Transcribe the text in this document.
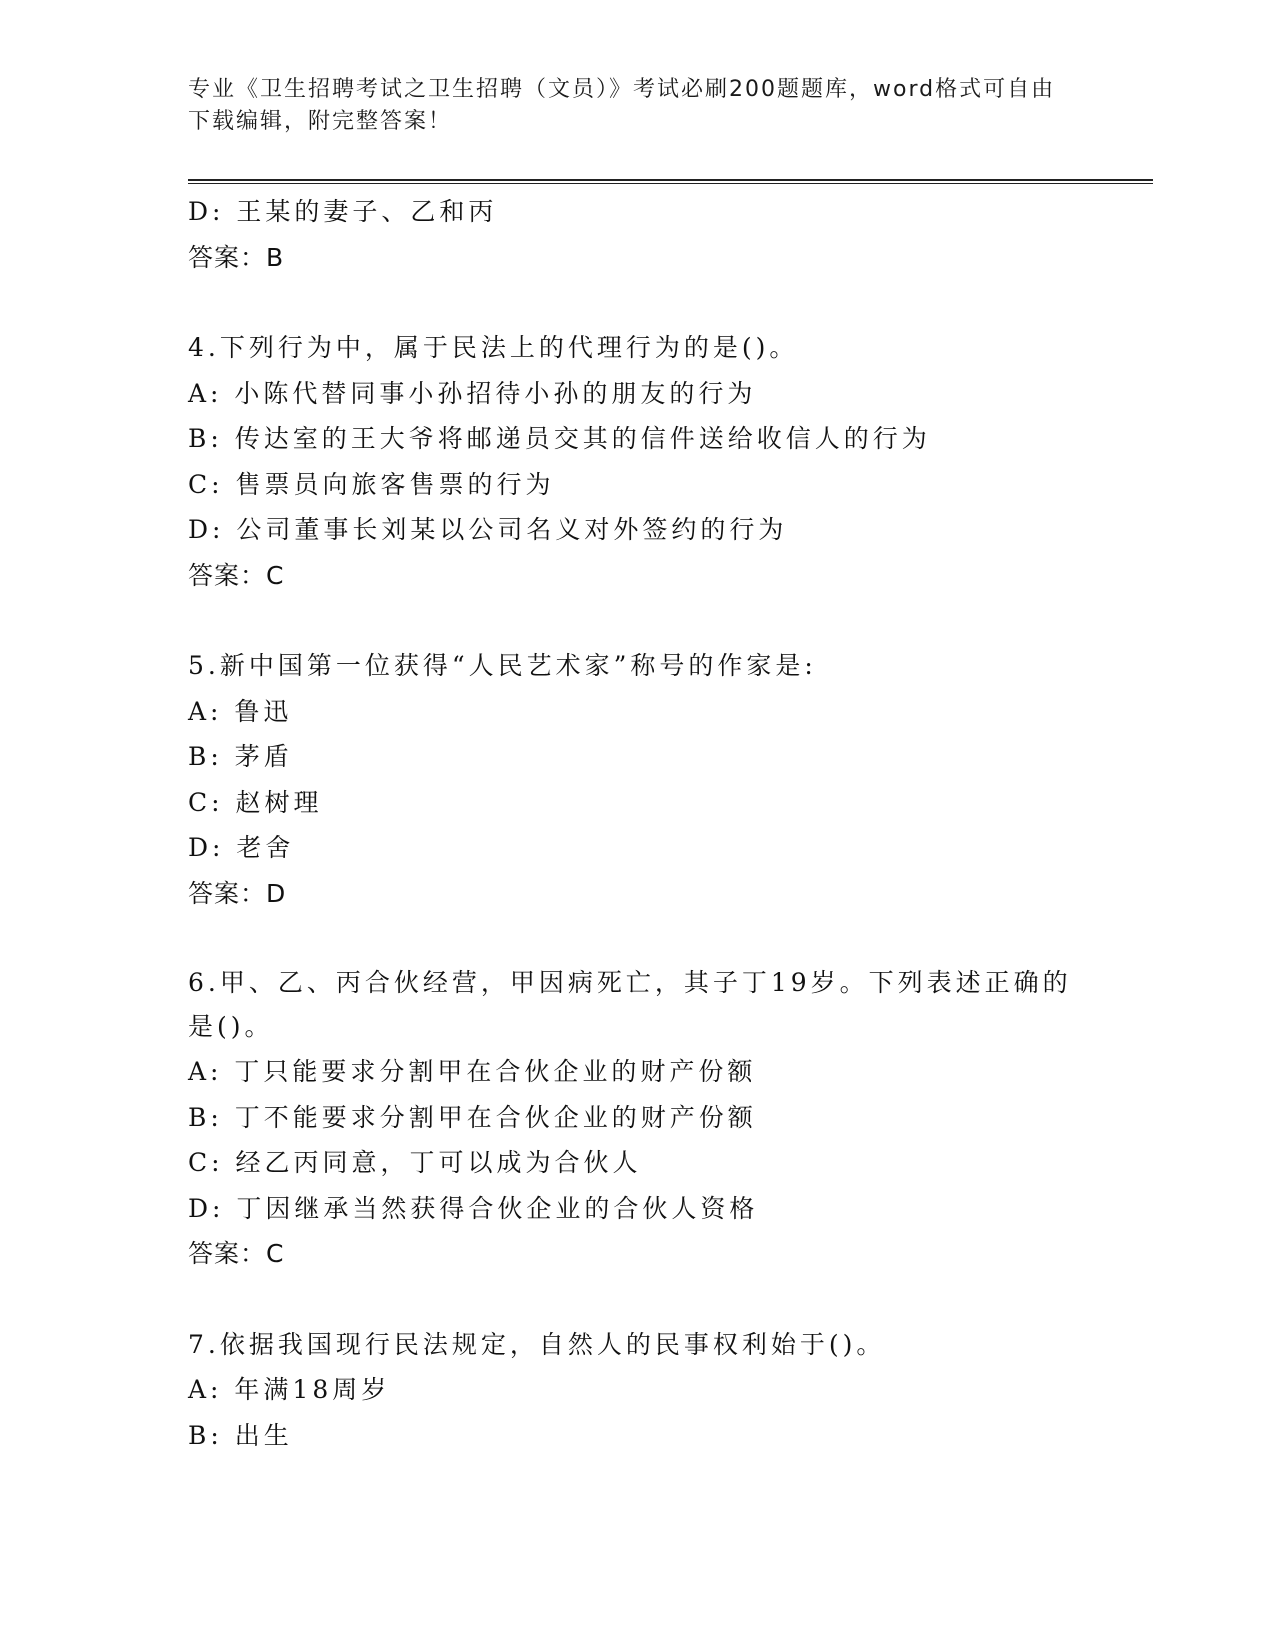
专业《卫生招聘考试之卫生招聘（文员）》考试必刷200题题库，word格式可自由下载编辑，附完整答案！
D: 王某的妻子、乙和丙
答案：B
4.下列行为中，属于民法上的代理行为的是()。
A: 小陈代替同事小孙招待小孙的朋友的行为
B: 传达室的王大爷将邮递员交其的信件送给收信人的行为
C: 售票员向旅客售票的行为
D: 公司董事长刘某以公司名义对外签约的行为
答案：C
5.新中国第一位获得“人民艺术家”称号的作家是:
A: 鲁迅
B: 茅盾
C: 赵树理
D: 老舍
答案：D
6.甲、乙、丙合伙经营，甲因病死亡，其子丁19岁。下列表述正确的是()。
A: 丁只能要求分割甲在合伙企业的财产份额
B: 丁不能要求分割甲在合伙企业的财产份额
C: 经乙丙同意，丁可以成为合伙人
D: 丁因继承当然获得合伙企业的合伙人资格
答案：C
7.依据我国现行民法规定，自然人的民事权利始于()。
A: 年满18周岁
B: 出生
